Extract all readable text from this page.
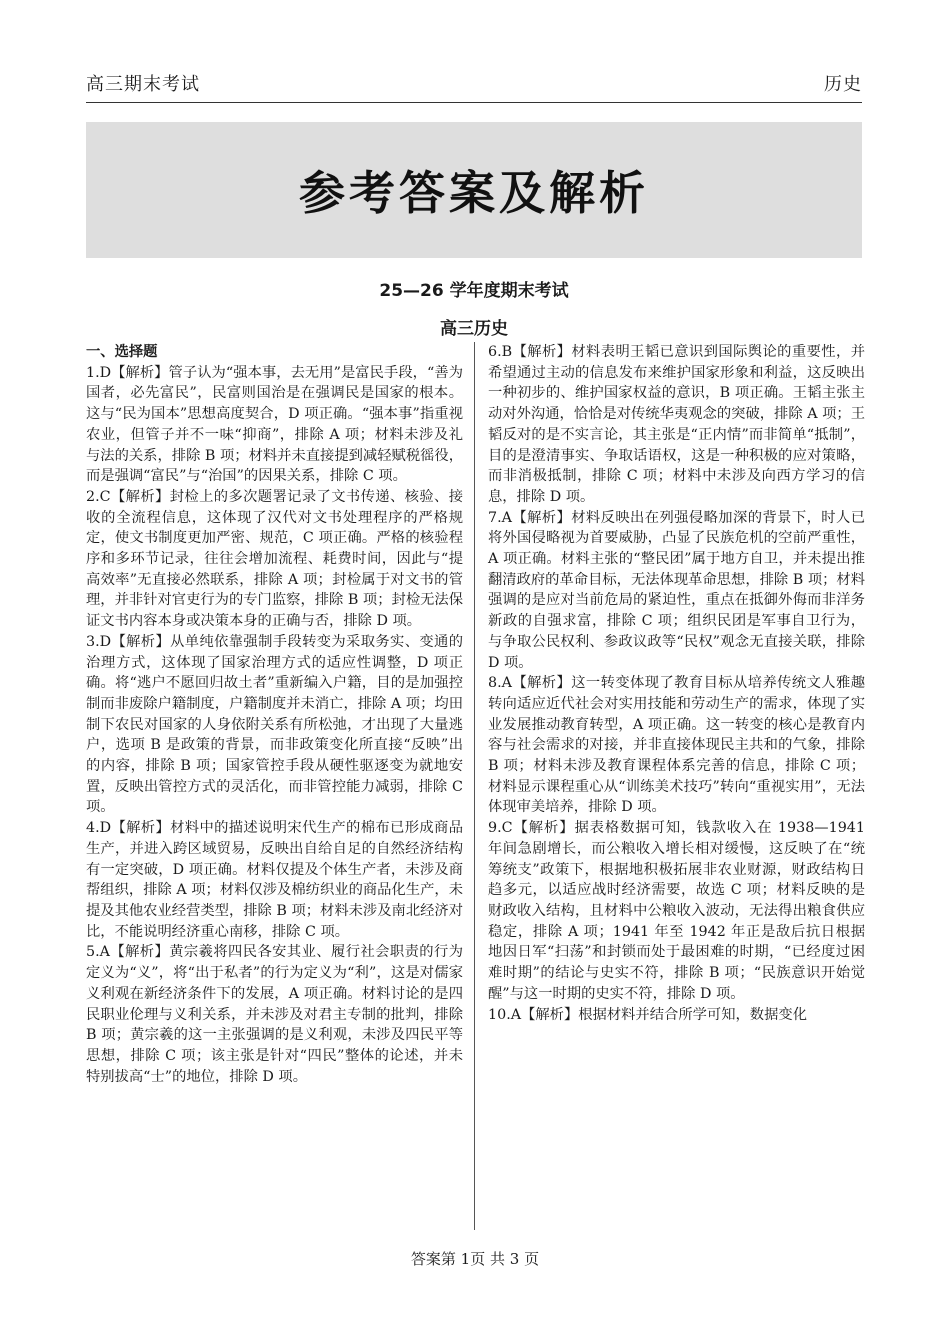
高三期末考试	历史
参考答案及解析
25—26 学年度期末考试
高三历史

一、选择题

1.D【解析】管子认为“强本事，去无用”是富民手段，“善为国者，必先富民”，民富则国治是在强调民是国家的根本。这与“民为国本”思想高度契合，D 项正确。“强本事”指重视农业，但管子并不一味“抑商”，排除 A 项；材料未涉及礼与法的关系，排除 B 项；材料并未直接提到减轻赋税徭役，而是强调“富民”与“治国”的因果关系，排除 C 项。

2.C【解析】封检上的多次题署记录了文书传递、核验、接收的全流程信息，这体现了汉代对文书处理程序的严格规定，使文书制度更加严密、规范，C 项正确。严格的核验程序和多环节记录，往往会增加流程、耗费时间，因此与“提高效率”无直接必然联系，排除 A 项；封检属于对文书的管理，并非针对官吏行为的专门监察，排除 B 项；封检无法保证文书内容本身或决策本身的正确与否，排除 D 项。

3.D【解析】从单纯依靠强制手段转变为采取务实、变通的治理方式，这体现了国家治理方式的适应性调整，D 项正确。将“逃户不愿回归故土者”重新编入户籍，目的是加强控制而非废除户籍制度，户籍制度并未消亡，排除 A 项；均田制下农民对国家的人身依附关系有所松弛，才出现了大量逃户，选项 B 是政策的背景，而非政策变化所直接“反映”出的内容，排除 B 项；国家管控手段从硬性驱逐变为就地安置，反映出管控方式的灵活化，而非管控能力减弱，排除 C 项。

4.D【解析】材料中的描述说明宋代生产的棉布已形成商品生产，并进入跨区域贸易，反映出自给自足的自然经济结构有一定突破，D 项正确。材料仅提及个体生产者，未涉及商帮组织，排除 A 项；材料仅涉及棉纺织业的商品化生产，未提及其他农业经营类型，排除 B 项；材料未涉及南北经济对比，不能说明经济重心南移，排除 C 项。

5.A【解析】黄宗羲将四民各安其业、履行社会职责的行为定义为“义”，将“出于私者”的行为定义为“利”，这是对儒家义利观在新经济条件下的发展，A 项正确。材料讨论的是四民职业伦理与义利关系，并未涉及对君主专制的批判，排除 B 项；黄宗羲的这一主张强调的是义利观，未涉及四民平等思想，排除 C 项；该主张是针对“四民”整体的论述，并未特别拔高“士”的地位，排除 D 项。

6.B【解析】材料表明王韬已意识到国际舆论的重要性，并希望通过主动的信息发布来维护国家形象和利益，这反映出一种初步的、维护国家权益的意识，B 项正确。王韬主张主动对外沟通，恰恰是对传统华夷观念的突破，排除 A 项；王韬反对的是不实言论，其主张是“正内情”而非简单“抵制”，目的是澄清事实、争取话语权，这是一种积极的应对策略，而非消极抵制，排除 C 项；材料中未涉及向西方学习的信息，排除 D 项。

7.A【解析】材料反映出在列强侵略加深的背景下，时人已将外国侵略视为首要威胁，凸显了民族危机的空前严重性，A 项正确。材料主张的“整民团”属于地方自卫，并未提出推翻清政府的革命目标，无法体现革命思想，排除 B 项；材料强调的是应对当前危局的紧迫性，重点在抵御外侮而非洋务新政的自强求富，排除 C 项；组织民团是军事自卫行为，与争取公民权利、参政议政等“民权”观念无直接关联，排除 D 项。

8.A【解析】这一转变体现了教育目标从培养传统文人雅趣转向适应近代社会对实用技能和劳动生产的需求，体现了实业发展推动教育转型，A 项正确。这一转变的核心是教育内容与社会需求的对接，并非直接体现民主共和的气象，排除 B 项；材料未涉及教育课程体系完善的信息，排除 C 项；材料显示课程重心从“训练美术技巧”转向“重视实用”，无法体现审美培养，排除 D 项。

9.C【解析】据表格数据可知，钱款收入在 1938—1941 年间急剧增长，而公粮收入增长相对缓慢，这反映了在“统筹统支”政策下，根据地积极拓展非农业财源，财政结构日趋多元，以适应战时经济需要，故选 C 项；材料反映的是财政收入结构，且材料中公粮收入波动，无法得出粮食供应稳定，排除 A 项；1941 年至 1942 年正是敌后抗日根据地因日军“扫荡”和封锁而处于最困难的时期，“已经度过困难时期”的结论与史实不符，排除 B 项；“民族意识开始觉醒”与这一时期的史实不符，排除 D 项。

10.A【解析】根据材料并结合所学可知，数据变化

答案第 1页 共 3 页
